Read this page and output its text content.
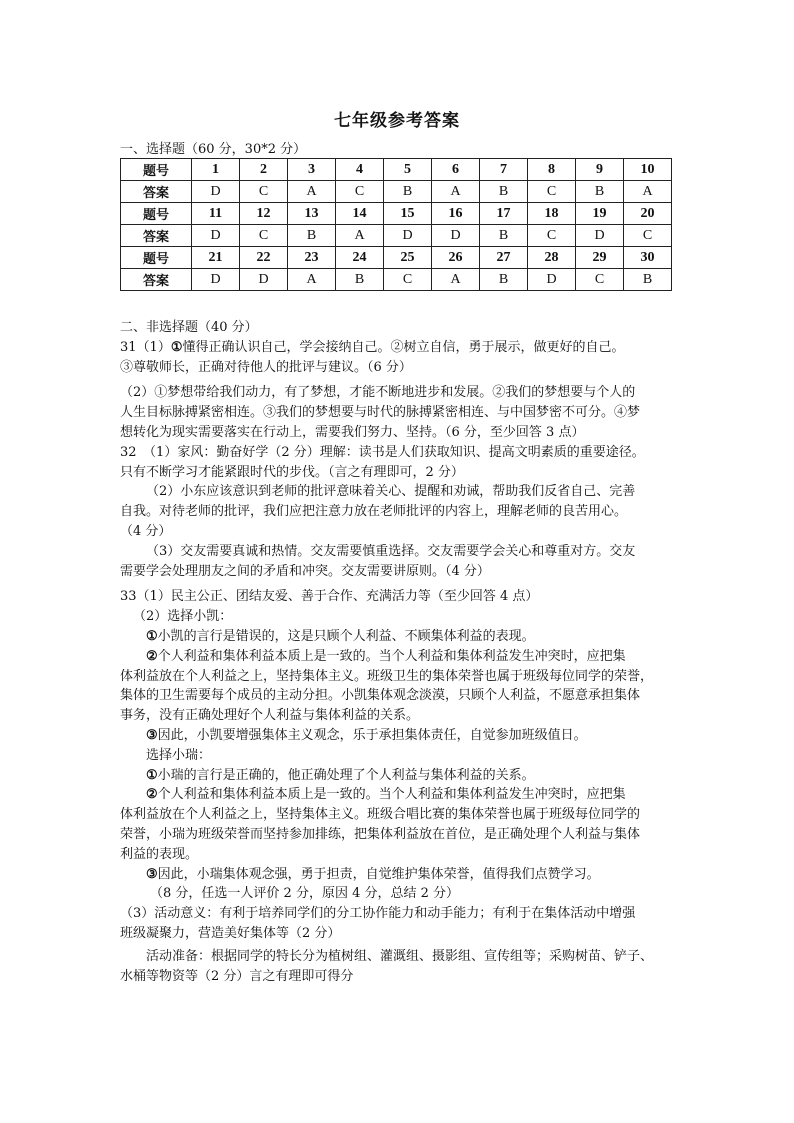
七年级参考答案
一、选择题（60 分，30*2 分）
题号	1	2	3	4	5	6	7	8	9	10
答案	D	C	A	C	B	A	B	C	B	A
题号	11	12	13	14	15	16	17	18	19	20
答案	D	C	B	A	D	D	B	C	D	C
题号	21	22	23	24	25	26	27	28	29	30
答案	D	D	A	B	C	A	B	D	C	B

二、非选择题（40 分）

31（1）①懂得正确认识自己，学会接纳自己。②树立自信，勇于展示，做更好的自己。

③尊敬师长，正确对待他人的批评与建议。（6 分）

（2）①梦想带给我们动力，有了梦想，才能不断地进步和发展。②我们的梦想要与个人的

人生目标脉搏紧密相连。③我们的梦想要与时代的脉搏紧密相连、与中国梦密不可分。④梦

想转化为现实需要落实在行动上，需要我们努力、坚持。（6 分，至少回答 3 点）

32　（1）家风：勤奋好学（2 分）理解：读书是人们获取知识、提高文明素质的重要途径。

只有不断学习才能紧跟时代的步伐。（言之有理即可，2 分）

（2）小东应该意识到老师的批评意味着关心、提醒和劝诫，帮助我们反省自己、完善

自我。对待老师的批评，我们应把注意力放在老师批评的内容上，理解老师的良苦用心。

（4 分）

（3）交友需要真诚和热情。交友需要慎重选择。交友需要学会关心和尊重对方。交友

需要学会处理朋友之间的矛盾和冲突。交友需要讲原则。（4 分）

33（1）民主公正、团结友爱、善于合作、充满活力等（至少回答 4 点）

（2）选择小凯：

①小凯的言行是错误的，这是只顾个人利益、不顾集体利益的表现。

②个人利益和集体利益本质上是一致的。当个人利益和集体利益发生冲突时，应把集

体利益放在个人利益之上，坚持集体主义。班级卫生的集体荣誉也属于班级每位同学的荣誉，

集体的卫生需要每个成员的主动分担。小凯集体观念淡漠，只顾个人利益，不愿意承担集体

事务，没有正确处理好个人利益与集体利益的关系。

③因此，小凯要增强集体主义观念，乐于承担集体责任，自觉参加班级值日。

选择小瑞：

①小瑞的言行是正确的，他正确处理了个人利益与集体利益的关系。

②个人利益和集体利益本质上是一致的。当个人利益和集体利益发生冲突时，应把集

体利益放在个人利益之上，坚持集体主义。班级合唱比赛的集体荣誉也属于班级每位同学的

荣誉，小瑞为班级荣誉而坚持参加排练，把集体利益放在首位，是正确处理个人利益与集体

利益的表现。

③因此，小瑞集体观念强，勇于担责，自觉维护集体荣誉，值得我们点赞学习。

（8 分，任选一人评价 2 分，原因 4 分，总结 2 分）

（3）活动意义：有利于培养同学们的分工协作能力和动手能力；有利于在集体活动中增强

班级凝聚力，营造美好集体等（2 分）

活动准备：根据同学的特长分为植树组、灌溉组、摄影组、宣传组等；采购树苗、铲子、

水桶等物资等（2 分）言之有理即可得分
